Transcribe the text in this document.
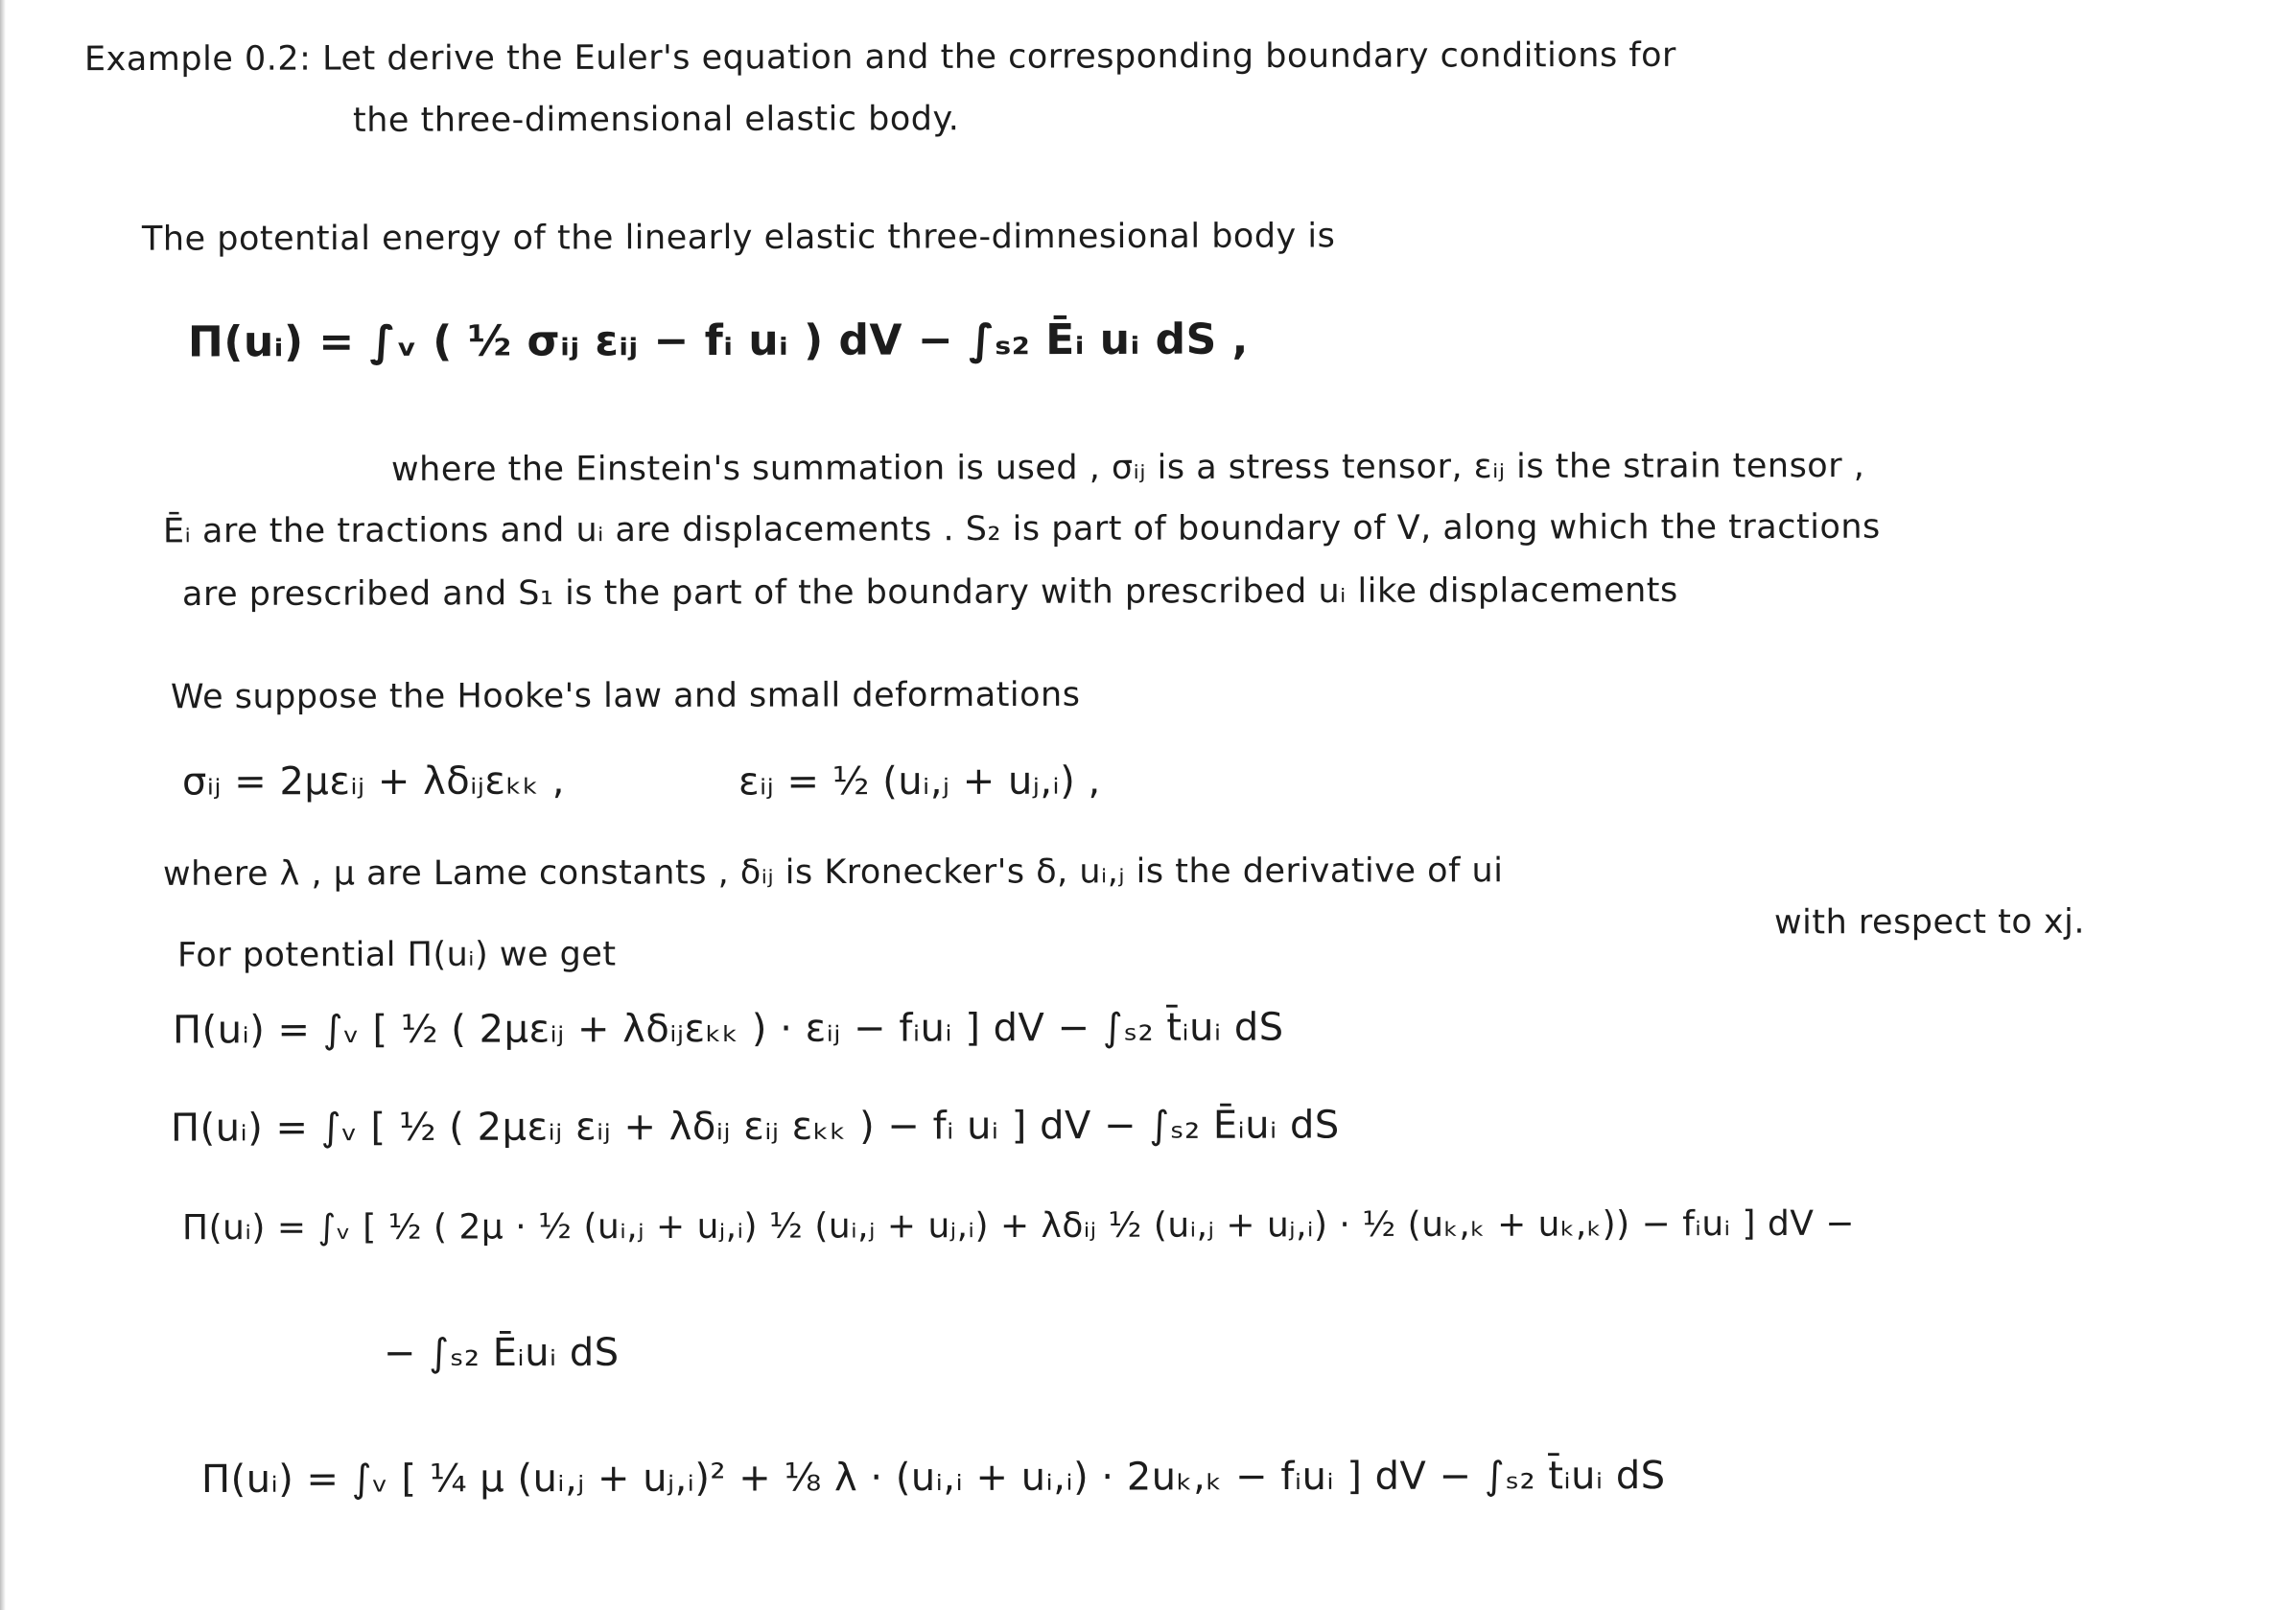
Example 0.2: Let derive the Euler's equation and the corresponding boundary conditions for
the three-dimensional elastic body.
The potential energy of the linearly elastic three-dimnesional body is
Π(uᵢ) = ∫ᵥ ( ½ σᵢⱼ εᵢⱼ − fᵢ uᵢ ) dV − ∫ₛ₂ Ēᵢ uᵢ dS ,
where the Einstein's summation is used , σᵢⱼ is a stress tensor, εᵢⱼ is the strain tensor ,
Ēᵢ are the tractions and uᵢ are displacements . S₂ is part of boundary of V, along which the tractions
are prescribed and S₁ is the part of the boundary with prescribed uᵢ like displacements
We suppose the Hooke's law and small deformations
σᵢⱼ = 2μεᵢⱼ + λδᵢⱼεₖₖ ,	εᵢⱼ = ½ (uᵢ,ⱼ + uⱼ,ᵢ) ,
where λ , μ are Lame constants , δᵢⱼ is Kronecker's δ, uᵢ,ⱼ is the derivative of ui
with respect to xj.
For potential Π(uᵢ) we get
Π(uᵢ) = ∫ᵥ [ ½ ( 2μεᵢⱼ + λδᵢⱼεₖₖ ) · εᵢⱼ − fᵢuᵢ ] dV − ∫ₛ₂ t̄ᵢuᵢ dS
Π(uᵢ) = ∫ᵥ [ ½ ( 2μεᵢⱼ εᵢⱼ + λδᵢⱼ εᵢⱼ εₖₖ ) − fᵢ uᵢ ] dV − ∫ₛ₂ Ēᵢuᵢ dS
Π(uᵢ) = ∫ᵥ [ ½ ( 2μ · ½ (uᵢ,ⱼ + uⱼ,ᵢ) ½ (uᵢ,ⱼ + uⱼ,ᵢ) + λδᵢⱼ ½ (uᵢ,ⱼ + uⱼ,ᵢ) · ½ (uₖ,ₖ + uₖ,ₖ)) − fᵢuᵢ ] dV −
− ∫ₛ₂ Ēᵢuᵢ dS
Π(uᵢ) = ∫ᵥ [ ¼ μ (uᵢ,ⱼ + uⱼ,ᵢ)² + ⅛ λ · (uᵢ,ᵢ + uᵢ,ᵢ) · 2uₖ,ₖ − fᵢuᵢ ] dV − ∫ₛ₂ t̄ᵢuᵢ dS
